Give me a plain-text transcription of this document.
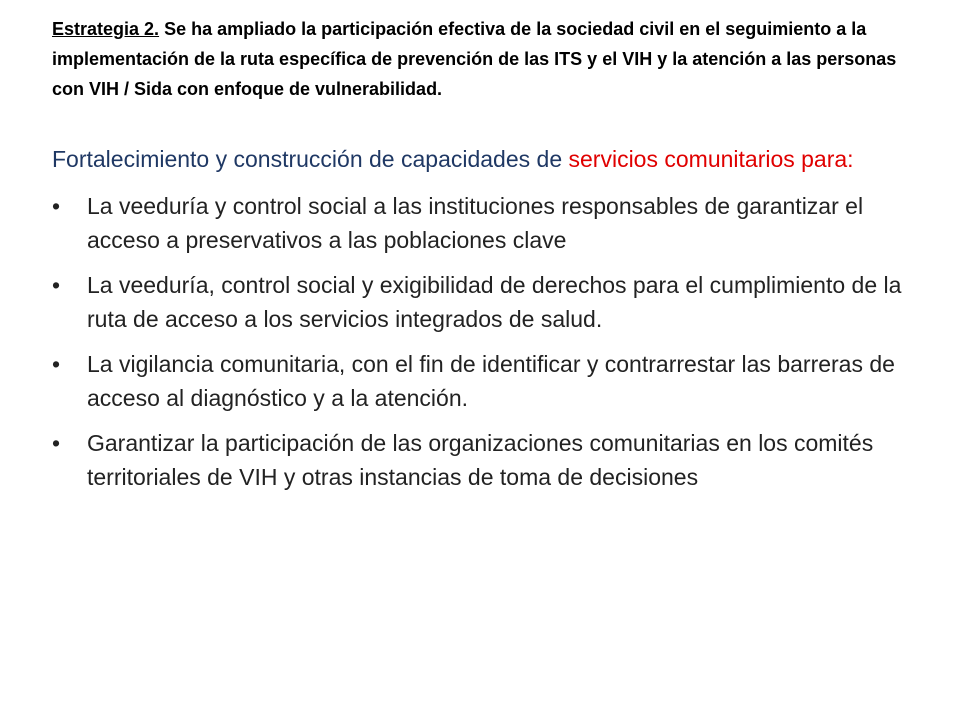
Estrategia 2. Se ha ampliado la participación efectiva de la sociedad civil en el seguimiento a la implementación de la ruta específica de prevención de las ITS y el VIH y la atención a las personas con VIH / Sida con enfoque de vulnerabilidad.

Fortalecimiento y construcción de capacidades de servicios comunitarios para:

•	La veeduría y control social a las instituciones responsables de garantizar el acceso a preservativos a las poblaciones clave
•	La veeduría, control social y exigibilidad de derechos para el cumplimiento de la ruta de acceso a los servicios integrados de salud.
•	La vigilancia comunitaria, con el fin de identificar y contrarrestar las barreras de acceso al diagnóstico y a la atención.
•	Garantizar la participación de las organizaciones comunitarias en los comités territoriales de VIH y otras instancias de toma de decisiones
